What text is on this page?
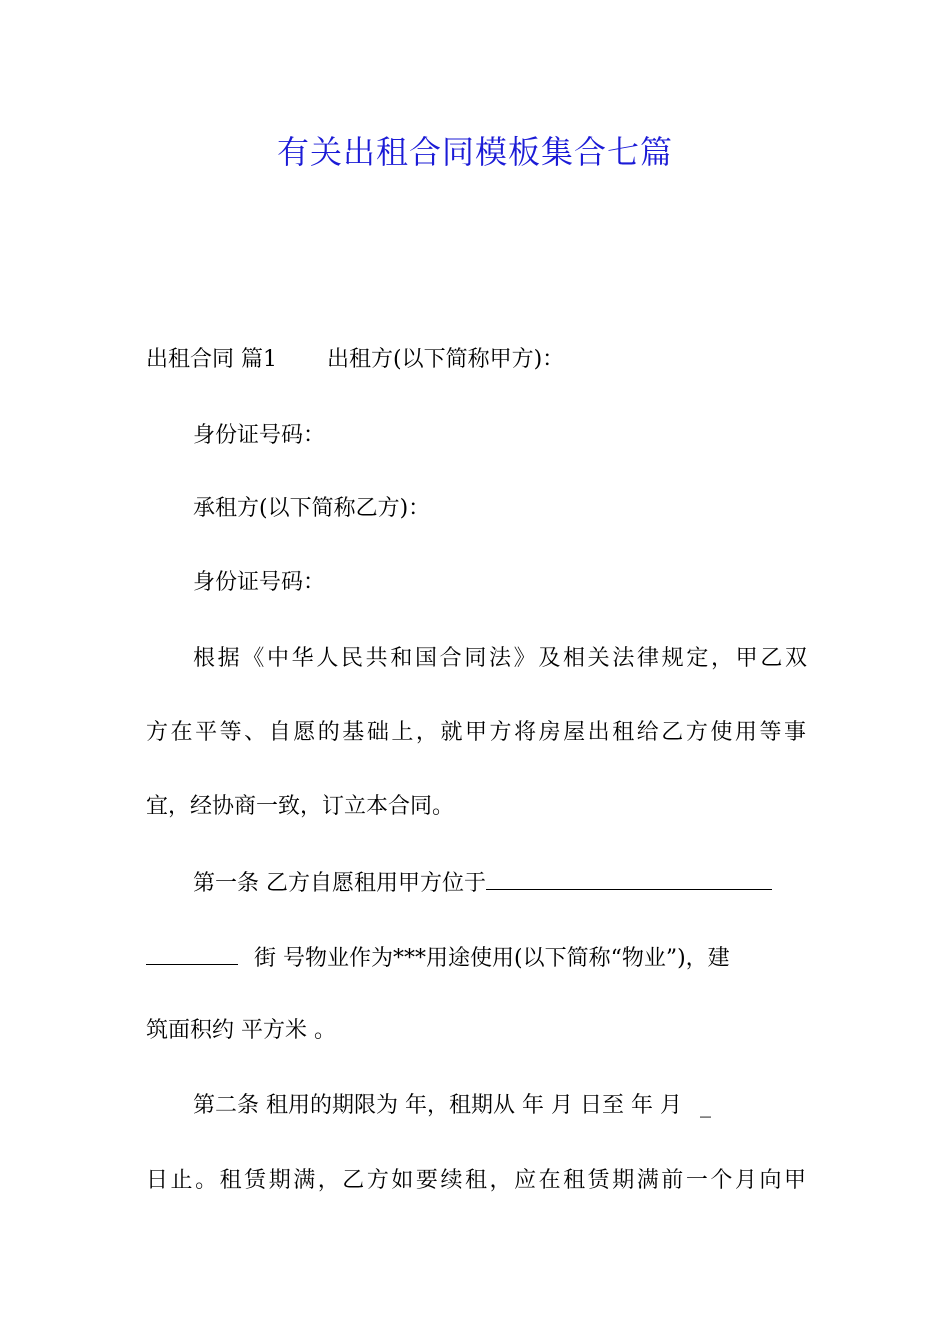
有关出租合同模板集合七篇
出租合同 篇1 出租方(以下简称甲方)：
身份证号码：
承租方(以下简称乙方)：
身份证号码：
根据《中华人民共和国合同法》及相关法律规定，甲乙双
方在平等、自愿的基础上，就甲方将房屋出租给乙方使用等事
宜，经协商一致，订立本合同。
第一条 乙方自愿租用甲方位于
街 号物业作为***用途使用(以下简称“物业”)，建
筑面积约 平方米 。
第二条 租用的期限为 年，租期从 年 月 日至 年 月 _
日止。租赁期满，乙方如要续租，应在租赁期满前一个月向甲
